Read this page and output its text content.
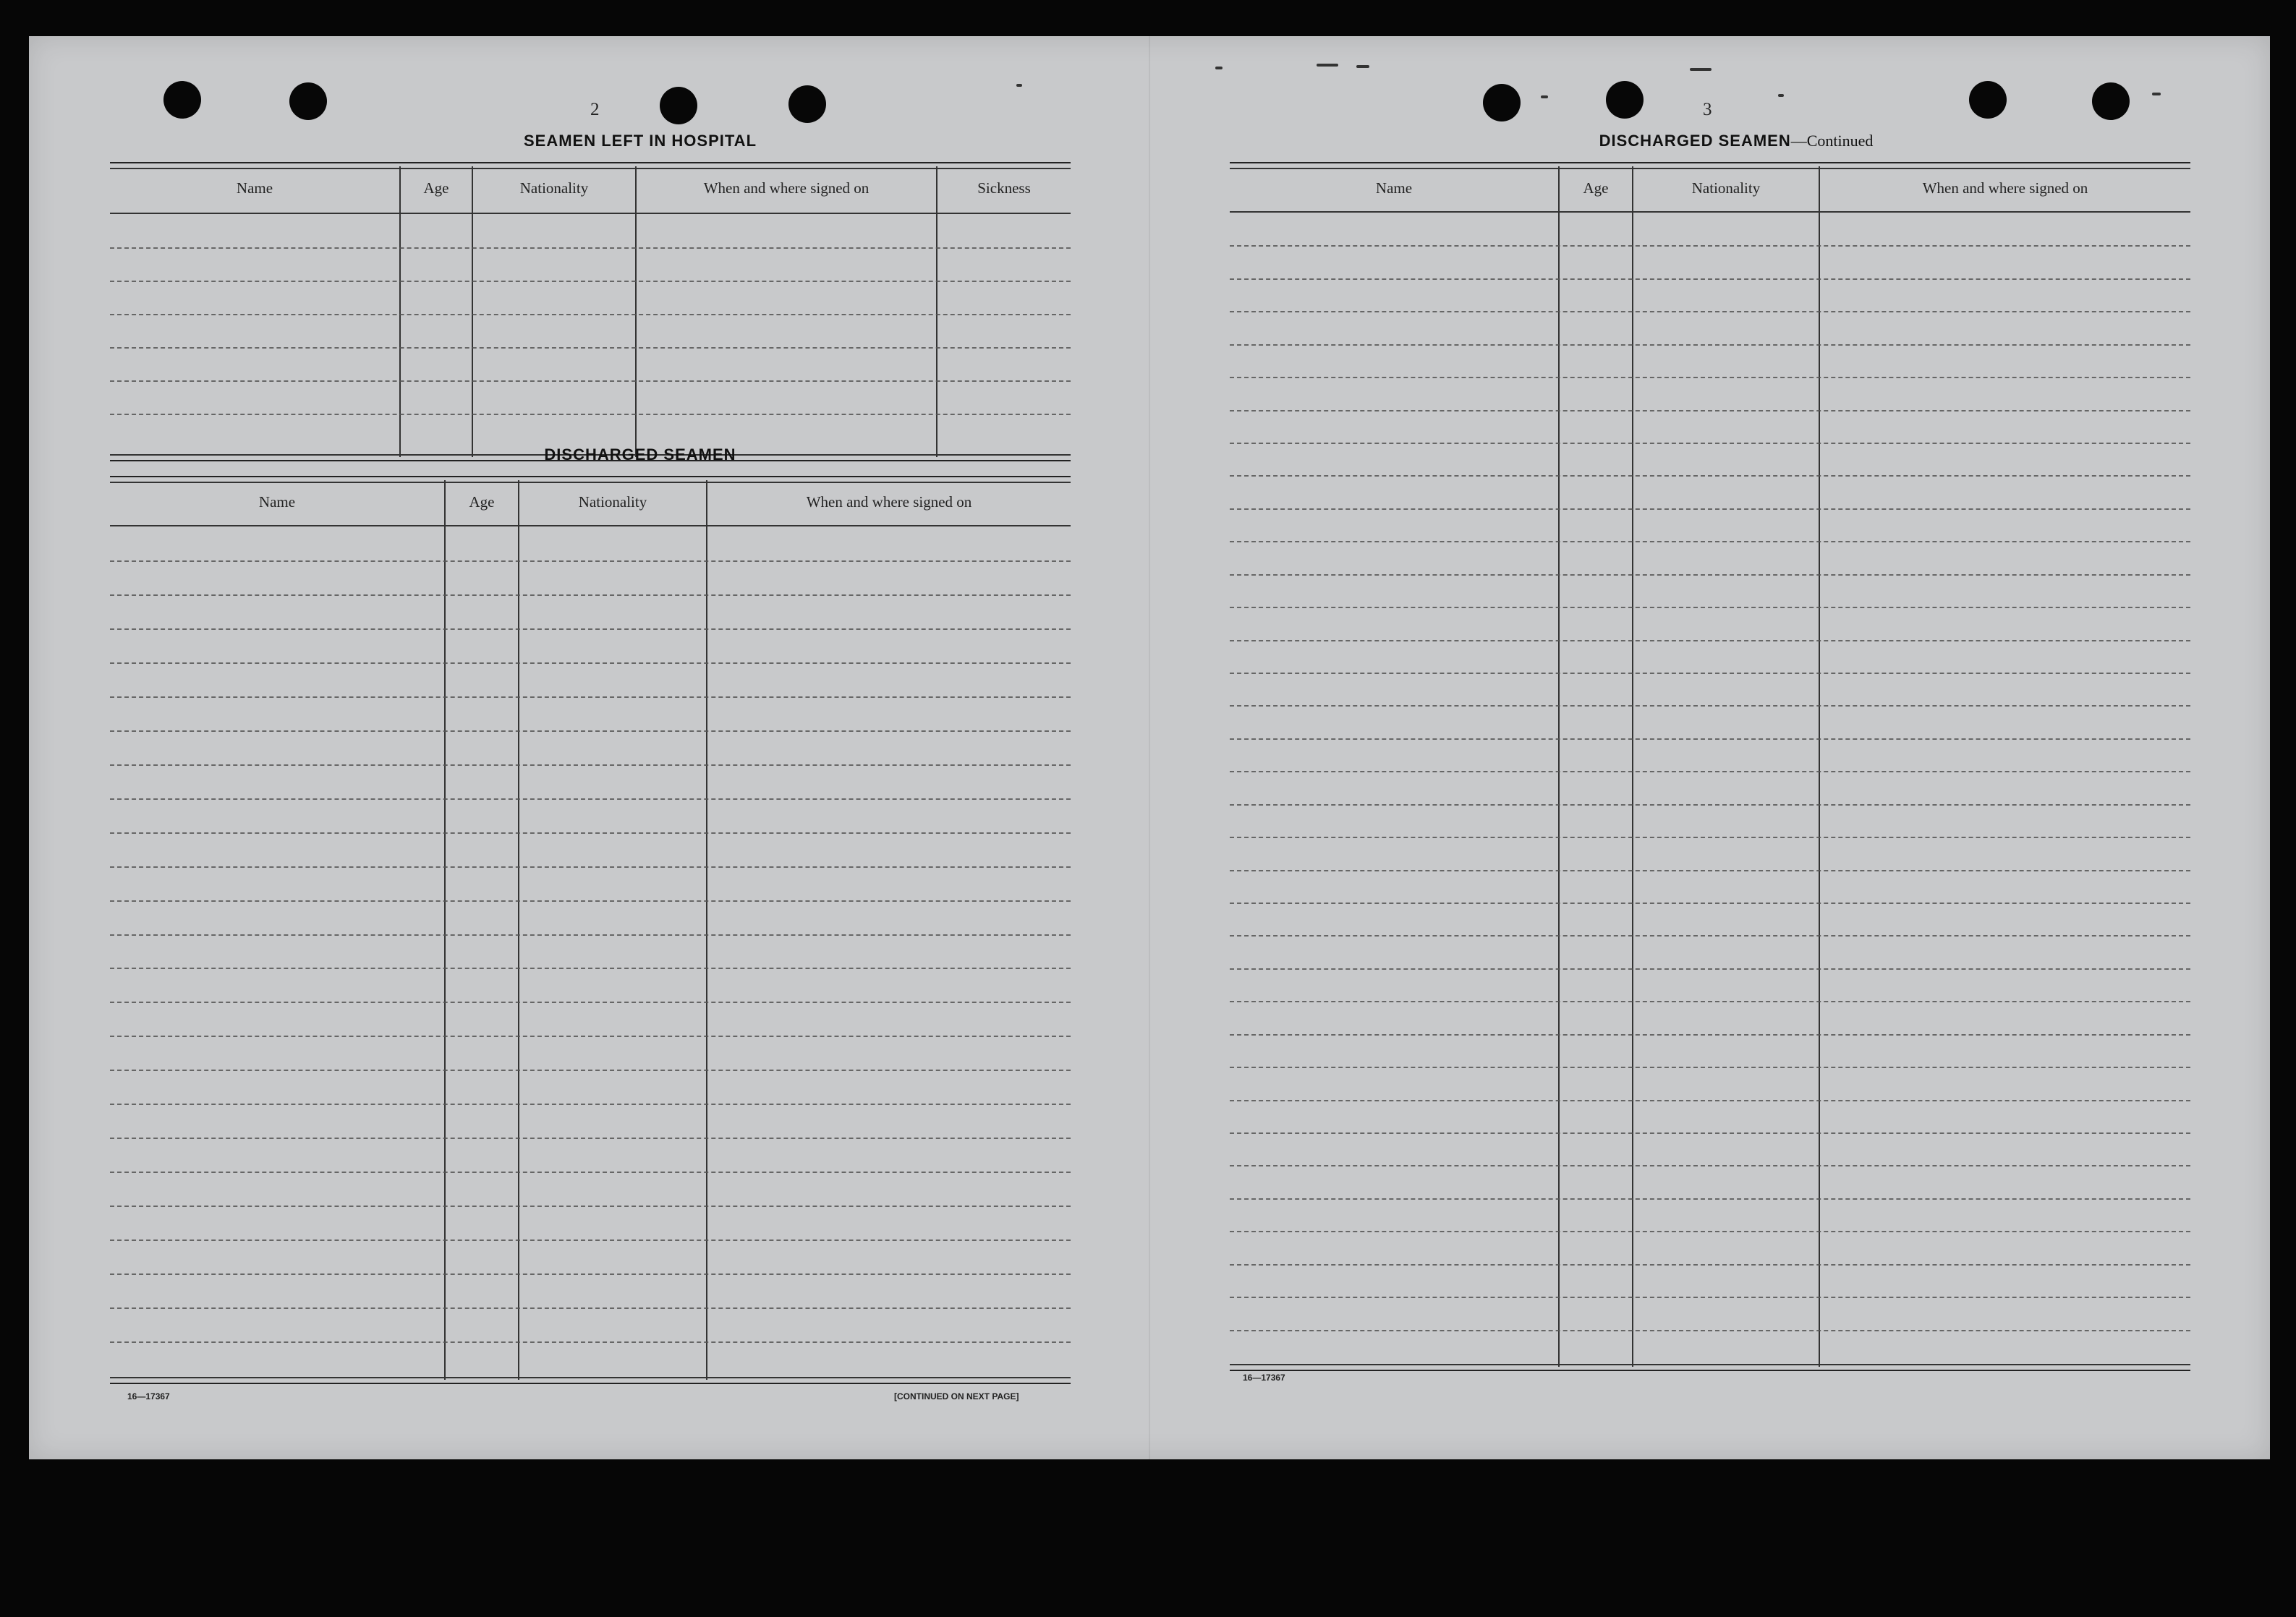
2	3
SEAMEN LEFT IN HOSPITAL
Name	Age	Nationality	When and where signed on	Sickness
DISCHARGED SEAMEN
Name	Age	Nationality	When and where signed on
16—17367	[CONTINUED ON NEXT PAGE]
DISCHARGED SEAMEN—Continued
Name	Age	Nationality	When and where signed on
16—17367
